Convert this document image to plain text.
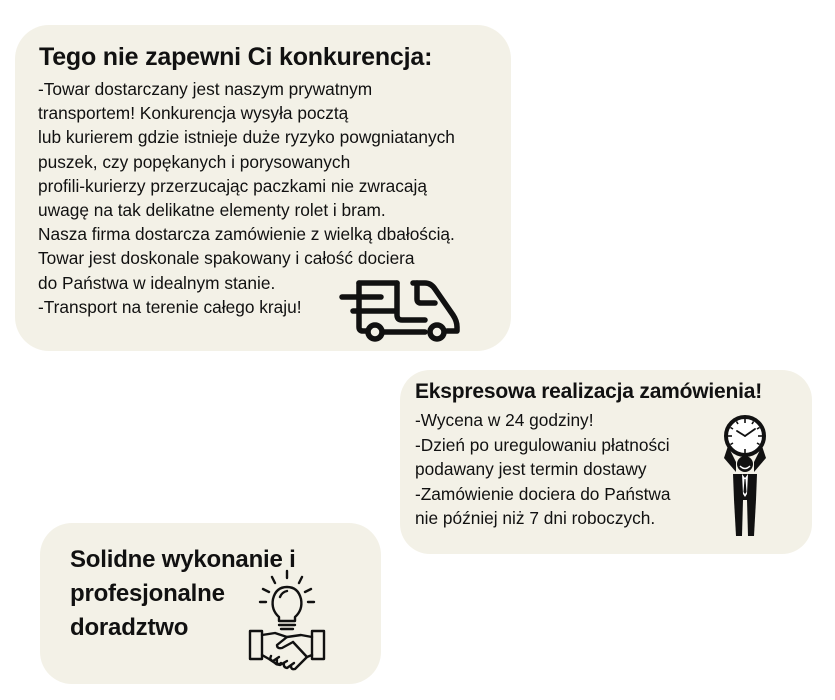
Tego nie zapewni Ci konkurencja:
-Towar dostarczany jest naszym prywatnym
transportem! Konkurencja wysyła pocztą
lub kurierem gdzie istnieje duże ryzyko powgniatanych
puszek, czy popękanych i porysowanych
profili-kurierzy przerzucając paczkami nie zwracają
uwagę na tak delikatne elementy rolet i bram.
Nasza firma dostarcza zamówienie z wielką dbałością.
Towar jest doskonale spakowany i całość dociera
do Państwa w idealnym stanie.
-Transport na terenie całego kraju!
Ekspresowa realizacja zamówienia!
-Wycena w 24 godziny!
-Dzień po uregulowaniu płatności
podawany jest termin dostawy
-Zamówienie dociera do Państwa
nie później niż 7 dni roboczych.
Solidne wykonanie i
profesjonalne
doradztwo
